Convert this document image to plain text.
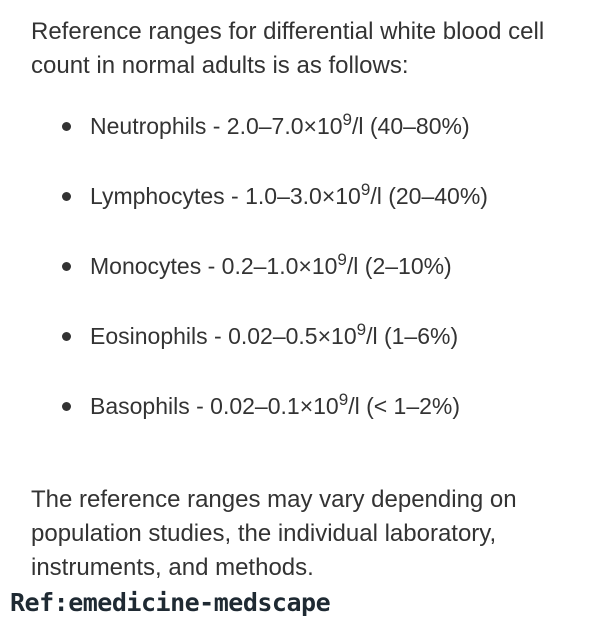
Reference ranges for differential white blood cell count in normal adults is as follows:

Neutrophils - $2.0-7.0\times 10^9/l$ (40–80%)
Lymphocytes - $1.0-3.0\times 10^9/l$ (20–40%)
Monocytes - $0.2-1.0\times 10^9/l$ (2–10%)
Eosinophils - $0.02-0.5\times 10^9/l$ (1–6%)
Basophils - $0.02-0.1\times 10^9/l$ (< 1–2%)

The reference ranges may vary depending on population studies, the individual laboratory, instruments, and methods.

Ref:emedicine-medscape
